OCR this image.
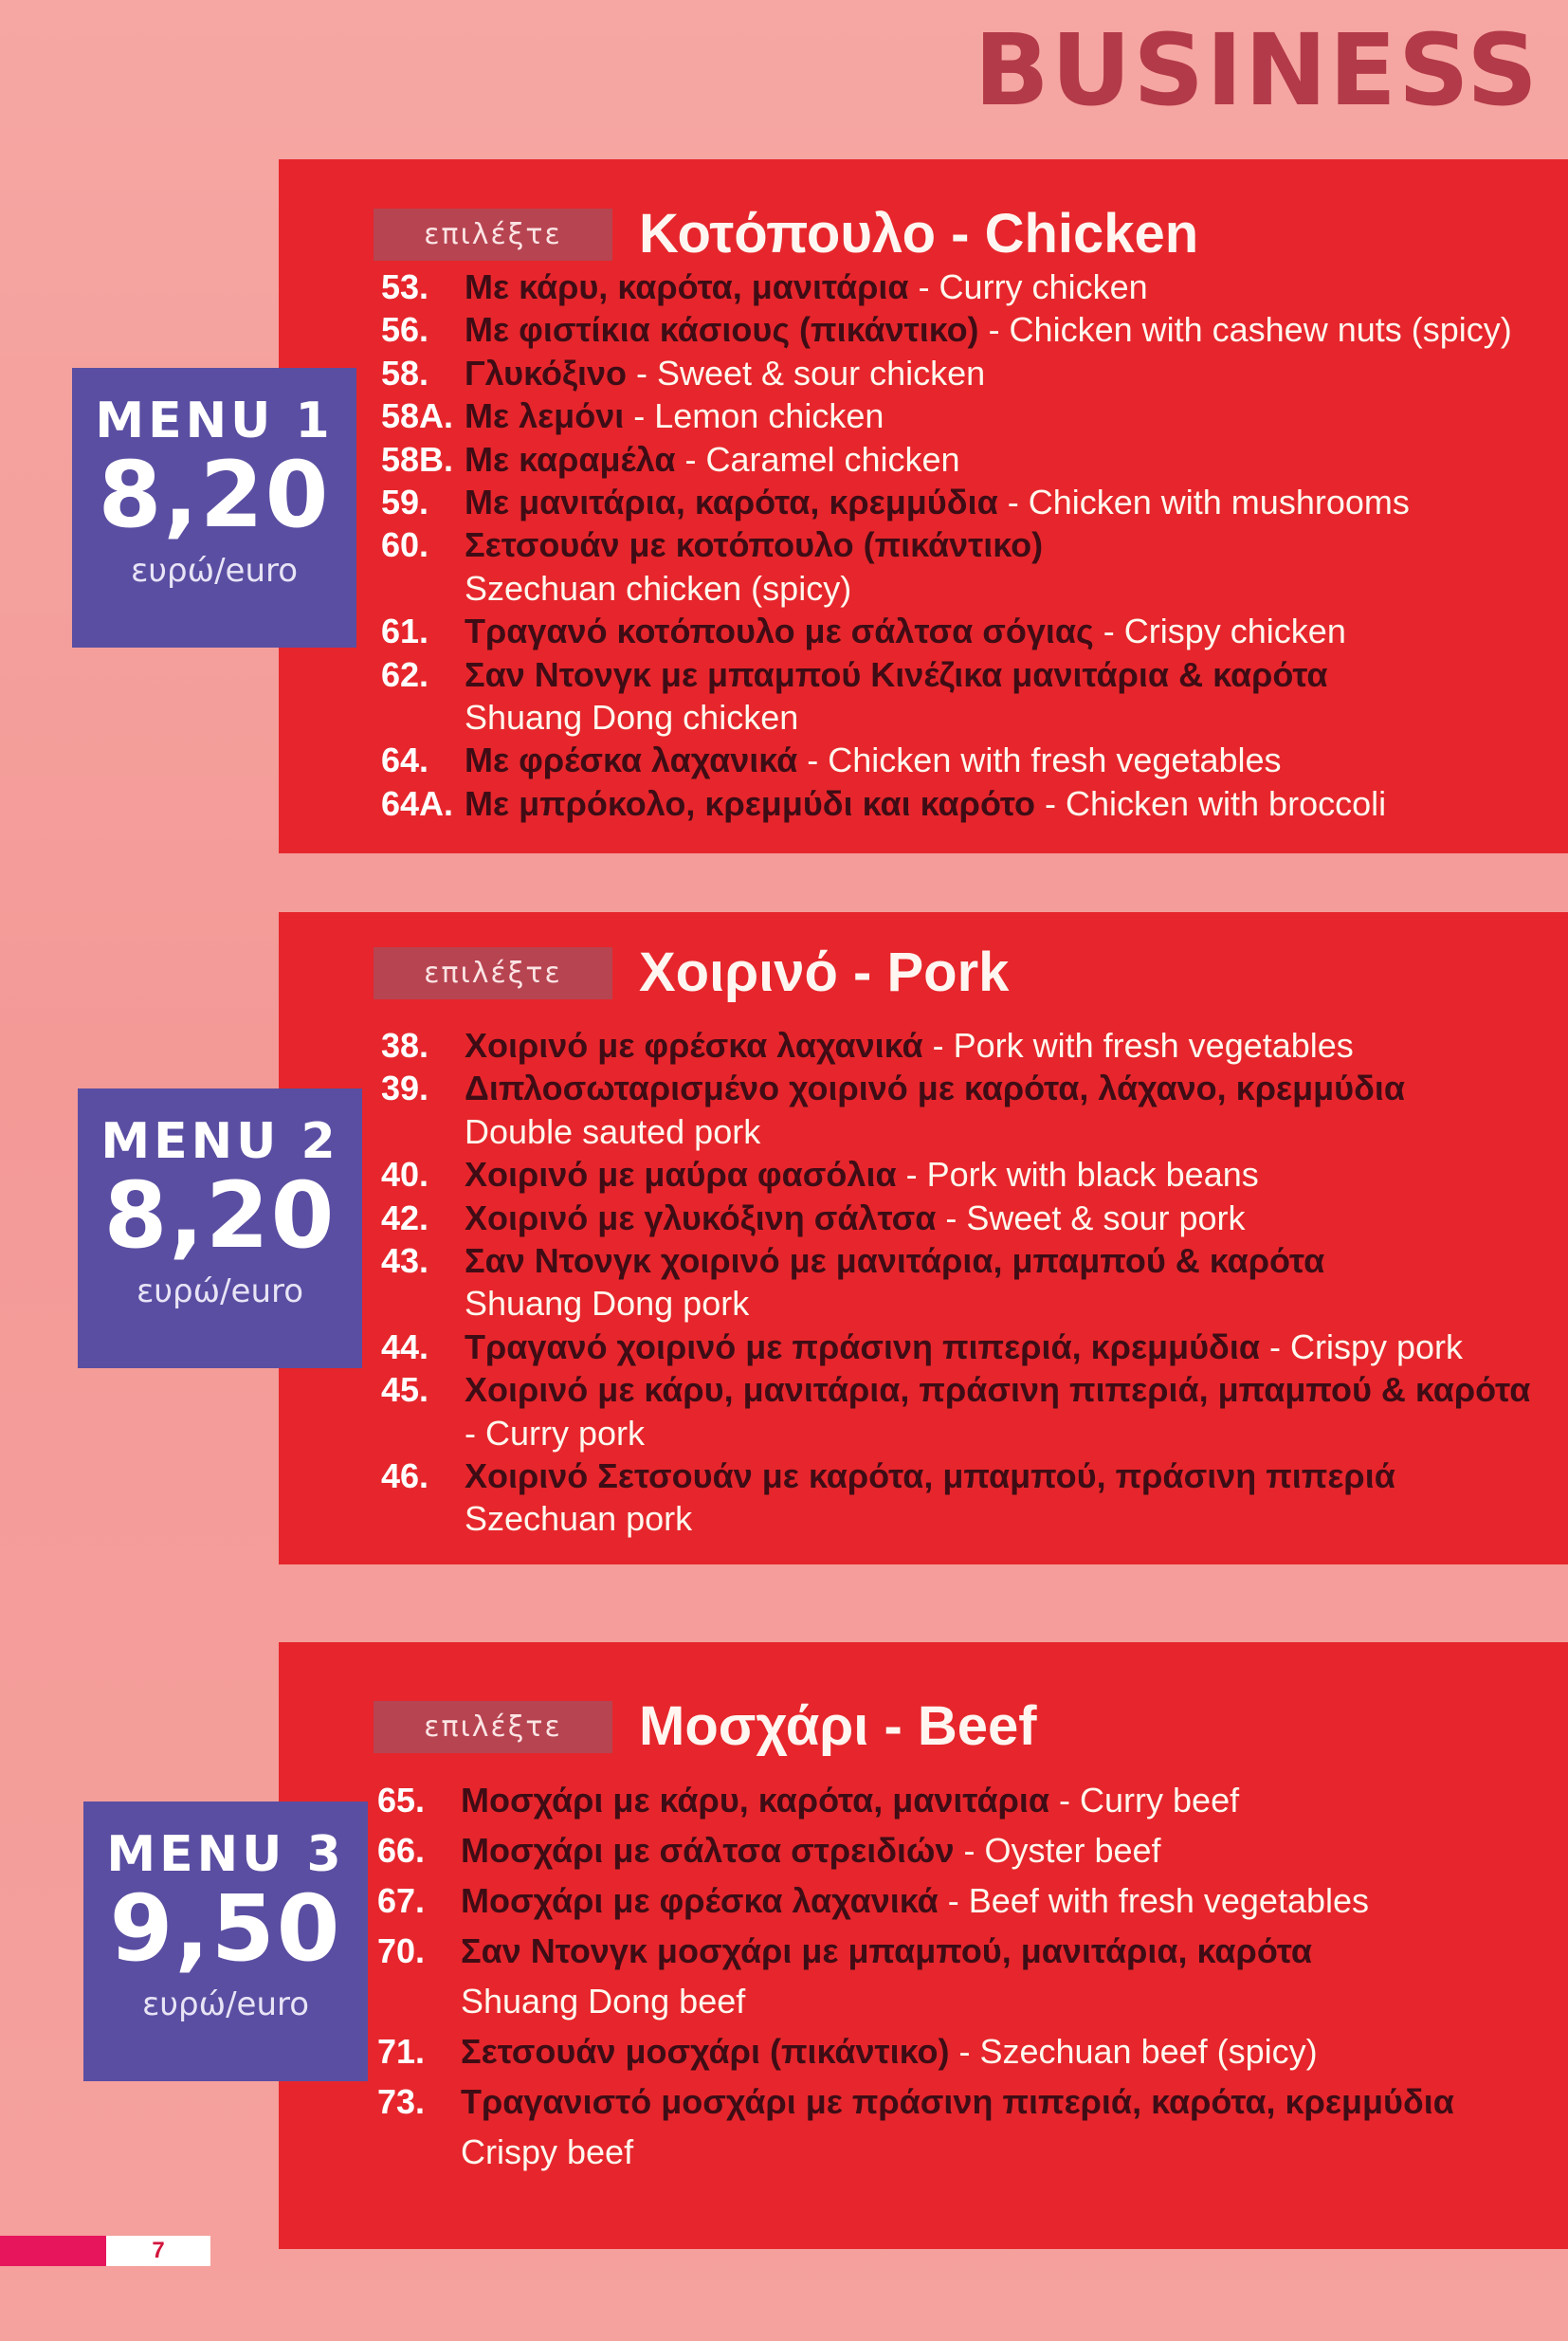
BUSINESS
επιλέξτε	Κοτόπουλο - Chicken
53.	Με κάρυ, καρότα, μανιτάρια - Curry chicken
56.	Με φιστίκια κάσιους (πικάντικο) - Chicken with cashew nuts (spicy)
58.	Γλυκόξινο - Sweet & sour chicken
58A. Με λεμόνι - Lemon chicken
58B. Με καραμέλα - Caramel chicken
59.	Με μανιτάρια, καρότα, κρεμμύδια - Chicken with mushrooms
60.	Σετσουάν με κοτόπουλο (πικάντικο)
Szechuan chicken (spicy)
61.	Τραγανό κοτόπουλο με σάλτσα σόγιας - Crispy chicken
62.	Σαν Ντονγκ με μπαμπού Κινέζικα μανιτάρια & καρότα
Shuang Dong chicken
64.	Με φρέσκα λαχανικά - Chicken with fresh vegetables
64A. Με μπρόκολο, κρεμμύδι και καρότο - Chicken with broccoli
MENU 1
8,20
ευρώ/euro
επιλέξτε	Χοιρινό - Pork
38.	Χοιρινό με φρέσκα λαχανικά - Pork with fresh vegetables
39.	Διπλοσωταρισμένο χοιρινό με καρότα, λάχανο, κρεμμύδια
Double sauted pork
40.	Χοιρινό με μαύρα φασόλια - Pork with black beans
42.	Χοιρινό με γλυκόξινη σάλτσα - Sweet & sour pork
43.	Σαν Ντονγκ χοιρινό με μανιτάρια, μπαμπού & καρότα
Shuang Dong pork
44.	Τραγανό χοιρινό με πράσινη πιπεριά, κρεμμύδια - Crispy pork
45.	Χοιρινό με κάρυ, μανιτάρια, πράσινη πιπεριά, μπαμπού & καρότα - Curry pork
46.	Χοιρινό Σετσουάν με καρότα, μπαμπού, πράσινη πιπεριά
Szechuan pork
MENU 2
8,20
ευρώ/euro
επιλέξτε	Μοσχάρι - Beef
65.	Μοσχάρι με κάρυ, καρότα, μανιτάρια - Curry beef
66.	Μοσχάρι με σάλτσα στρειδιών - Oyster beef
67.	Μοσχάρι με φρέσκα λαχανικά - Beef with fresh vegetables
70.	Σαν Ντονγκ μοσχάρι με μπαμπού, μανιτάρια, καρότα
Shuang Dong beef
71.	Σετσουάν μοσχάρι (πικάντικο) - Szechuan beef (spicy)
73.	Τραγανιστό μοσχάρι με πράσινη πιπεριά, καρότα, κρεμμύδια
Crispy beef
MENU 3
9,50
ευρώ/euro
7
